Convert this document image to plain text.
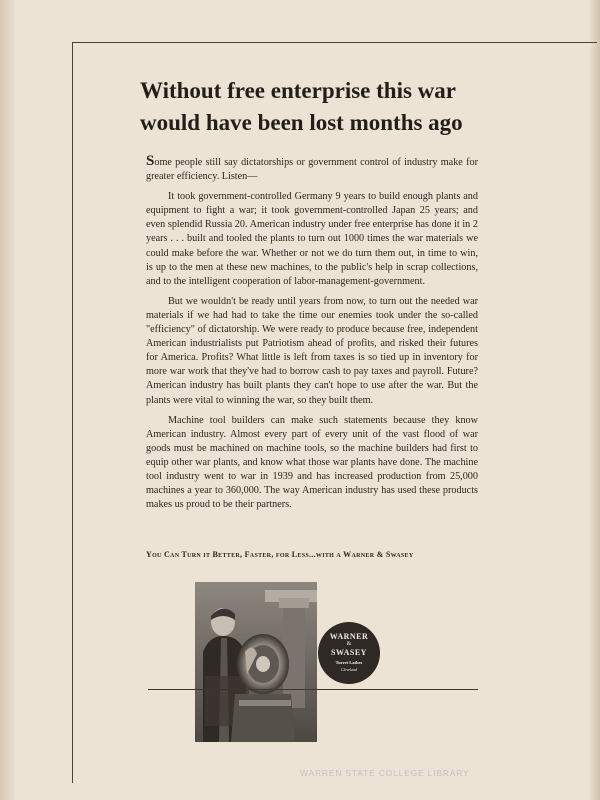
Without free enterprise this war
would have been lost months ago

Some people still say dictatorships or government control of industry make for greater efficiency. Listen—

It took government-controlled Germany 9 years to build enough plants and equipment to fight a war; it took government-controlled Japan 25 years; and even splendid Russia 20. American industry under free enterprise has done it in 2 years . . . built and tooled the plants to turn out 1000 times the war materials we could make before the war. Whether or not we do turn them out, in time to win, is up to the men at these new machines, to the public's help in scrap collections, and to the intelligent cooperation of labor-management-government.

But we wouldn't be ready until years from now, to turn out the needed war materials if we had had to take the time our enemies took under the so-called "efficiency" of dictatorship. We were ready to produce because free, independent American industrialists put Patriotism ahead of profits, and risked their futures for America. Profits? What little is left from taxes is so tied up in inventory for more war work that they've had to borrow cash to pay taxes and payroll. Future? American industry has built plants they can't hope to use after the war. But the plants were vital to winning the war, so they built them.

Machine tool builders can make such statements because they know American industry. Almost every part of every unit of the vast flood of war goods must be machined on machine tools, so the machine builders had first to equip other war plants, and know what those war plants have done. The machine tool industry went to war in 1939 and has increased production from 25,000 machines a year to 360,000. The way American industry has used these products makes us proud to be their partners.

You Can Turn it Better, Faster, for Less...with a Warner & Swasey
WARNER
&
SWASEY
Turret Lathes
Cleveland
WARREN STATE COLLEGE LIBRARY
